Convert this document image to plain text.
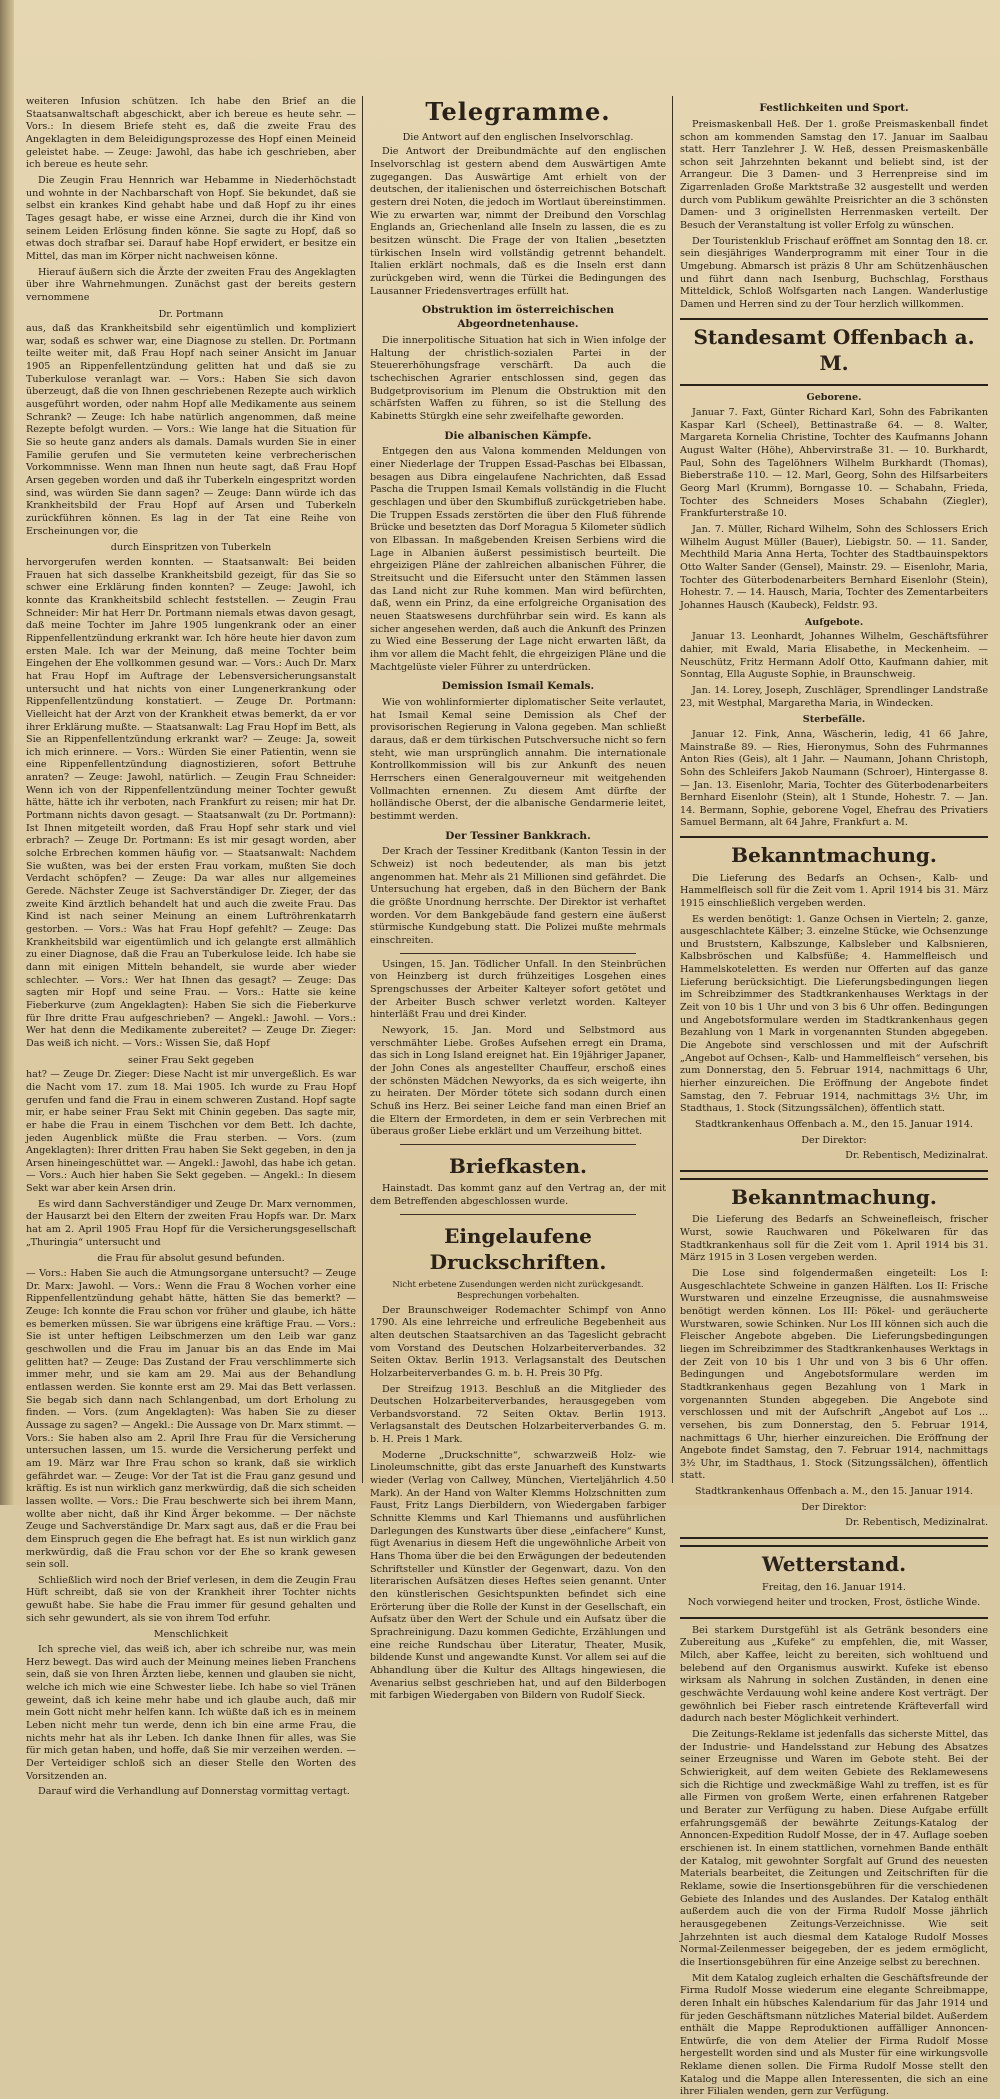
weiteren Infusion schützen. Ich habe den Brief an die Staatsanwaltschaft abgeschickt, aber ich bereue es heute sehr. — Vors.: In diesem Briefe steht es, daß die zweite Frau des Angeklagten in dem Beleidigungsprozesse des Hopf einen Meineid geleistet habe. — Zeuge: Jawohl, das habe ich geschrieben, aber ich bereue es heute sehr.

Die Zeugin Frau Hennrich war Hebamme in Niederhöchstadt und wohnte in der Nachbarschaft von Hopf. Sie bekundet, daß sie selbst ein krankes Kind gehabt habe und daß Hopf zu ihr eines Tages gesagt habe, er wisse eine Arznei, durch die ihr Kind von seinem Leiden Erlösung finden könne. Sie sagte zu Hopf, daß so etwas doch strafbar sei. Darauf habe Hopf erwidert, er besitze ein Mittel, das man im Körper nicht nachweisen könne.

Hierauf äußern sich die Ärzte der zweiten Frau des Angeklagten über ihre Wahrnehmungen. Zunächst gast der bereits gestern vernommene

Dr. Portmann

aus, daß das Krankheitsbild sehr eigentümlich und kompliziert war, sodaß es schwer war, eine Diagnose zu stellen. Dr. Portmann teilte weiter mit, daß Frau Hopf nach seiner Ansicht im Januar 1905 an Rippenfellentzündung gelitten hat und daß sie zu Tuberkulose veranlagt war. — Vors.: Haben Sie sich davon überzeugt, daß die von Ihnen geschriebenen Rezepte auch wirklich ausgeführt worden, oder nahm Hopf alle Medikamente aus seinem Schrank? — Zeuge: Ich habe natürlich angenommen, daß meine Rezepte befolgt wurden. — Vors.: Wie lange hat die Situation für Sie so heute ganz anders als damals. Damals wurden Sie in einer Familie gerufen und Sie vermuteten keine verbrecherischen Vorkommnisse. Wenn man Ihnen nun heute sagt, daß Frau Hopf Arsen gegeben worden und daß ihr Tuberkeln eingespritzt worden sind, was würden Sie dann sagen? — Zeuge: Dann würde ich das Krankheitsbild der Frau Hopf auf Arsen und Tuberkeln zurückführen können. Es lag in der Tat eine Reihe von Erscheinungen vor, die

durch Einspritzen von Tuberkeln

hervorgerufen werden konnten. — Staatsanwalt: Bei beiden Frauen hat sich dasselbe Krankheitsbild gezeigt, für das Sie so schwer eine Erklärung finden konnten? — Zeuge: Jawohl, ich konnte das Krankheitsbild schlecht feststellen. — Zeugin Frau Schneider: Mir hat Herr Dr. Portmann niemals etwas davon gesagt, daß meine Tochter im Jahre 1905 lungenkrank oder an einer Rippenfellentzündung erkrankt war. Ich höre heute hier davon zum ersten Male. Ich war der Meinung, daß meine Tochter beim Eingehen der Ehe vollkommen gesund war. — Vors.: Auch Dr. Marx hat Frau Hopf im Auftrage der Lebensversicherungsanstalt untersucht und hat nichts von einer Lungenerkrankung oder Rippenfellentzündung konstatiert. — Zeuge Dr. Portmann: Vielleicht hat der Arzt von der Krankheit etwas bemerkt, da er vor ihrer Erklärung mußte. — Staatsanwalt: Lag Frau Hopf im Bett, als Sie an Rippenfellentzündung erkrankt war? — Zeuge: Ja, soweit ich mich erinnere. — Vors.: Würden Sie einer Patientin, wenn sie eine Rippenfellentzündung diagnostizieren, sofort Bettruhe anraten? — Zeuge: Jawohl, natürlich. — Zeugin Frau Schneider: Wenn ich von der Rippenfellentzündung meiner Tochter gewußt hätte, hätte ich ihr verboten, nach Frankfurt zu reisen; mir hat Dr. Portmann nichts davon gesagt. — Staatsanwalt (zu Dr. Portmann): Ist Ihnen mitgeteilt worden, daß Frau Hopf sehr stark und viel erbrach? — Zeuge Dr. Portmann: Es ist mir gesagt worden, aber solche Erbrechen kommen häufig vor. — Staatsanwalt: Nachdem Sie wußten, was bei der ersten Frau vorkam, mußten Sie doch Verdacht schöpfen? — Zeuge: Da war alles nur allgemeines Gerede. Nächster Zeuge ist Sachverständiger Dr. Zieger, der das zweite Kind ärztlich behandelt hat und auch die zweite Frau. Das Kind ist nach seiner Meinung an einem Luftröhrenkatarrh gestorben. — Vors.: Was hat Frau Hopf gefehlt? — Zeuge: Das Krankheitsbild war eigentümlich und ich gelangte erst allmählich zu einer Diagnose, daß die Frau an Tuberkulose leide. Ich habe sie dann mit einigen Mitteln behandelt, sie wurde aber wieder schlechter. — Vors.: Wer hat Ihnen das gesagt? — Zeuge: Das sagten mir Hopf und seine Frau. — Vors.: Hatte sie keine Fieberkurve (zum Angeklagten): Haben Sie sich die Fieberkurve für Ihre dritte Frau aufgeschrieben? — Angekl.: Jawohl. — Vors.: Wer hat denn die Medikamente zubereitet? — Zeuge Dr. Zieger: Das weiß ich nicht. — Vors.: Wissen Sie, daß Hopf

seiner Frau Sekt gegeben

hat? — Zeuge Dr. Zieger: Diese Nacht ist mir unvergeßlich. Es war die Nacht vom 17. zum 18. Mai 1905. Ich wurde zu Frau Hopf gerufen und fand die Frau in einem schweren Zustand. Hopf sagte mir, er habe seiner Frau Sekt mit Chinin gegeben. Das sagte mir, er habe die Frau in einem Tischchen vor dem Bett. Ich dachte, jeden Augenblick müßte die Frau sterben. — Vors. (zum Angeklagten): Ihrer dritten Frau haben Sie Sekt gegeben, in den ja Arsen hineingeschüttet war. — Angekl.: Jawohl, das habe ich getan. — Vors.: Auch hier haben Sie Sekt gegeben. — Angekl.: In diesem Sekt war aber kein Arsen drin.

Es wird dann Sachverständiger und Zeuge Dr. Marx vernommen, der Hausarzt bei den Eltern der zweiten Frau Hopfs war. Dr. Marx hat am 2. April 1905 Frau Hopf für die Versicherungsgesellschaft „Thuringia“ untersucht und

die Frau für absolut gesund befunden.

— Vors.: Haben Sie auch die Atmungsorgane untersucht? — Zeuge Dr. Marx: Jawohl. — Vors.: Wenn die Frau 8 Wochen vorher eine Rippenfellentzündung gehabt hätte, hätten Sie das bemerkt? — Zeuge: Ich konnte die Frau schon vor früher und glaube, ich hätte es bemerken müssen. Sie war übrigens eine kräftige Frau. — Vors.: Sie ist unter heftigen Leibschmerzen um den Leib war ganz geschwollen und die Frau im Januar bis an das Ende im Mai gelitten hat? — Zeuge: Das Zustand der Frau verschlimmerte sich immer mehr, und sie kam am 29. Mai aus der Behandlung entlassen werden. Sie konnte erst am 29. Mai das Bett verlassen. Sie begab sich dann nach Schlangenbad, um dort Erholung zu finden. — Vors. (zum Angeklagten): Was haben Sie zu dieser Aussage zu sagen? — Angekl.: Die Aussage von Dr. Marx stimmt. — Vors.: Sie haben also am 2. April Ihre Frau für die Versicherung untersuchen lassen, um 15. wurde die Versicherung perfekt und am 19. März war Ihre Frau schon so krank, daß sie wirklich gefährdet war. — Zeuge: Vor der Tat ist die Frau ganz gesund und kräftig. Es ist nun wirklich ganz merkwürdig, daß die sich scheiden lassen wollte. — Vors.: Die Frau beschwerte sich bei ihrem Mann, wollte aber nicht, daß ihr Kind Ärger bekomme. — Der nächste Zeuge und Sachverständige Dr. Marx sagt aus, daß er die Frau bei dem Einspruch gegen die Ehe befragt hat. Es ist nun wirklich ganz merkwürdig, daß die Frau schon vor der Ehe so krank gewesen sein soll.

Schließlich wird noch der Brief verlesen, in dem die Zeugin Frau Hüft schreibt, daß sie von der Krankheit ihrer Tochter nichts gewußt habe. Sie habe die Frau immer für gesund gehalten und sich sehr gewundert, als sie von ihrem Tod erfuhr.

Menschlichkeit

Ich spreche viel, das weiß ich, aber ich schreibe nur, was mein Herz bewegt. Das wird auch der Meinung meines lieben Franchens sein, daß sie von Ihren Ärzten liebe, kennen und glauben sie nicht, welche ich mich wie eine Schwester liebe. Ich habe so viel Tränen geweint, daß ich keine mehr habe und ich glaube auch, daß mir mein Gott nicht mehr helfen kann. Ich wüßte daß ich es in meinem Leben nicht mehr tun werde, denn ich bin eine arme Frau, die nichts mehr hat als ihr Leben. Ich danke Ihnen für alles, was Sie für mich getan haben, und hoffe, daß Sie mir verzeihen werden. — Der Verteidiger schloß sich an dieser Stelle den Worten des Vorsitzenden an.

Darauf wird die Verhandlung auf Donnerstag vormittag vertagt.

Telegramme.
Die Antwort auf den englischen Inselvorschlag.

Die Antwort der Dreibundmächte auf den englischen Inselvorschlag ist gestern abend dem Auswärtigen Amte zugegangen. Das Auswärtige Amt erhielt von der deutschen, der italienischen und österreichischen Botschaft gestern drei Noten, die jedoch im Wortlaut übereinstimmen. Wie zu erwarten war, nimmt der Dreibund den Vorschlag Englands an, Griechenland alle Inseln zu lassen, die es zu besitzen wünscht. Die Frage der von Italien „besetzten türkischen Inseln wird vollständig getrennt behandelt. Italien erklärt nochmals, daß es die Inseln erst dann zurückgeben wird, wenn die Türkei die Bedingungen des Lausanner Friedensvertrages erfüllt hat.

Obstruktion im österreichischen Abgeordnetenhause.

Die innerpolitische Situation hat sich in Wien infolge der Haltung der christlich-sozialen Partei in der Steuererhöhungsfrage verschärft. Da auch die tschechischen Agrarier entschlossen sind, gegen das Budgetprovisorium im Plenum die Obstruktion mit den schärfsten Waffen zu führen, so ist die Stellung des Kabinetts Stürgkh eine sehr zweifelhafte geworden.

Die albanischen Kämpfe.

Entgegen den aus Valona kommenden Meldungen von einer Niederlage der Truppen Essad-Paschas bei Elbassan, besagen aus Dibra eingelaufene Nachrichten, daß Essad Pascha die Truppen Ismail Kemals vollständig in die Flucht geschlagen und über den Skumbifluß zurückgetrieben habe. Die Truppen Essads zerstörten die über den Fluß führende Brücke und besetzten das Dorf Moragua 5 Kilometer südlich von Elbassan. In maßgebenden Kreisen Serbiens wird die Lage in Albanien äußerst pessimistisch beurteilt. Die ehrgeizigen Pläne der zahlreichen albanischen Führer, die Streitsucht und die Eifersucht unter den Stämmen lassen das Land nicht zur Ruhe kommen. Man wird befürchten, daß, wenn ein Prinz, da eine erfolgreiche Organisation des neuen Staatswesens durchführbar sein wird. Es kann als sicher angesehen werden, daß auch die Ankunft des Prinzen zu Wied eine Besserung der Lage nicht erwarten läßt, da ihm vor allem die Macht fehlt, die ehrgeizigen Pläne und die Machtgelüste vieler Führer zu unterdrücken.

Demission Ismail Kemals.

Wie von wohlinformierter diplomatischer Seite verlautet, hat Ismail Kemal seine Demission als Chef der provisorischen Regierung in Valona gegeben. Man schließt daraus, daß er dem türkischen Putschversuche nicht so fern steht, wie man ursprünglich annahm. Die internationale Kontrollkommission will bis zur Ankunft des neuen Herrschers einen Generalgouverneur mit weitgehenden Vollmachten ernennen. Zu diesem Amt dürfte der holländische Oberst, der die albanische Gendarmerie leitet, bestimmt werden.

Der Tessiner Bankkrach.

Der Krach der Tessiner Kreditbank (Kanton Tessin in der Schweiz) ist noch bedeutender, als man bis jetzt angenommen hat. Mehr als 21 Millionen sind gefährdet. Die Untersuchung hat ergeben, daß in den Büchern der Bank die größte Unordnung herrschte. Der Direktor ist verhaftet worden. Vor dem Bankgebäude fand gestern eine äußerst stürmische Kundgebung statt. Die Polizei mußte mehrmals einschreiten.

Usingen, 15. Jan. Tödlicher Unfall. In den Steinbrüchen von Heinzberg ist durch frühzeitiges Losgehen eines Sprengschusses der Arbeiter Kalteyer sofort getötet und der Arbeiter Busch schwer verletzt worden. Kalteyer hinterläßt Frau und drei Kinder.

Newyork, 15. Jan. Mord und Selbstmord aus verschmähter Liebe. Großes Aufsehen erregt ein Drama, das sich in Long Island ereignet hat. Ein 19jähriger Japaner, der John Cones als angestellter Chauffeur, erschoß eines der schönsten Mädchen Newyorks, da es sich weigerte, ihn zu heiraten. Der Mörder tötete sich sodann durch einen Schuß ins Herz. Bei seiner Leiche fand man einen Brief an die Eltern der Ermordeten, in dem er sein Verbrechen mit überaus großer Liebe erklärt und um Verzeihung bittet.

Briefkasten.

Hainstadt. Das kommt ganz auf den Vertrag an, der mit dem Betreffenden abgeschlossen wurde.

Eingelaufene Druckschriften.

Nicht erbetene Zusendungen werden nicht zurückgesandt. Besprechungen vorbehalten.

Der Braunschweiger Rodemachter Schimpf von Anno 1790. Als eine lehrreiche und erfreuliche Begebenheit aus alten deutschen Staatsarchiven an das Tageslicht gebracht vom Vorstand des Deutschen Holzarbeiterverbandes. 32 Seiten Oktav. Berlin 1913. Verlagsanstalt des Deutschen Holzarbeiterverbandes G. m. b. H. Preis 30 Pfg.

Der Streifzug 1913. Beschluß an die Mitglieder des Deutschen Holzarbeiterverbandes, herausgegeben vom Verbandsvorstand. 72 Seiten Oktav. Berlin 1913. Verlagsanstalt des Deutschen Holzarbeiterverbandes G. m. b. H. Preis 1 Mark.

Moderne „Druckschnitte“, schwarzweiß Holz- wie Linoleumschnitte, gibt das erste Januarheft des Kunstwarts wieder (Verlag von Callwey, München, Vierteljährlich 4.50 Mark). An der Hand von Walter Klemms Holzschnitten zum Faust, Fritz Langs Dierbildern, von Wiedergaben farbiger Schnitte Klemms und Karl Thiemanns und ausführlichen Darlegungen des Kunstwarts über diese „einfachere“ Kunst, fügt Avenarius in diesem Heft die ungewöhnliche Arbeit von Hans Thoma über die bei den Erwägungen der bedeutenden Schriftsteller und Künstler der Gegenwart, dazu. Von den literarischen Aufsätzen dieses Heftes seien genannt. Unter den künstlerischen Gesichtspunkten befindet sich eine Erörterung über die Rolle der Kunst in der Gesellschaft, ein Aufsatz über den Wert der Schule und ein Aufsatz über die Sprachreinigung. Dazu kommen Gedichte, Erzählungen und eine reiche Rundschau über Literatur, Theater, Musik, bildende Kunst und angewandte Kunst. Vor allem sei auf die Abhandlung über die Kultur des Alltags hingewiesen, die Avenarius selbst geschrieben hat, und auf den Bilderbogen mit farbigen Wiedergaben von Bildern von Rudolf Sieck.

Festlichkeiten und Sport.

Preismaskenball Heß. Der 1. große Preismaskenball findet schon am kommenden Samstag den 17. Januar im Saalbau statt. Herr Tanzlehrer J. W. Heß, dessen Preismaskenbälle schon seit Jahrzehnten bekannt und beliebt sind, ist der Arrangeur. Die 3 Damen- und 3 Herrenpreise sind im Zigarrenladen Große Marktstraße 32 ausgestellt und werden durch vom Publikum gewählte Preisrichter an die 3 schönsten Damen- und 3 originellsten Herrenmasken verteilt. Der Besuch der Veranstaltung ist voller Erfolg zu wünschen.

Der Touristenklub Frischauf eröffnet am Sonntag den 18. cr. sein diesjähriges Wanderprogramm mit einer Tour in die Umgebung. Abmarsch ist präzis 8 Uhr am Schützenhäuschen und führt dann nach Isenburg, Buchschlag, Forsthaus Mitteldick, Schloß Wolfsgarten nach Langen. Wanderlustige Damen und Herren sind zu der Tour herzlich willkommen.

Standesamt Offenbach a. M.
Geborene.

Januar 7. Faxt, Günter Richard Karl, Sohn des Fabrikanten Kaspar Karl (Scheel), Bettinastraße 64. — 8. Walter, Margareta Kornelia Christine, Tochter des Kaufmanns Johann August Walter (Höhe), Ahbervirstraße 31. — 10. Burkhardt, Paul, Sohn des Tagelöhners Wilhelm Burkhardt (Thomas), Bieberstraße 110. — 12. Marl, Georg, Sohn des Hilfsarbeiters Georg Marl (Krumm), Borngasse 10. — Schabahn, Frieda, Tochter des Schneiders Moses Schabahn (Ziegler), Frankfurterstraße 10.

Jan. 7. Müller, Richard Wilhelm, Sohn des Schlossers Erich Wilhelm August Müller (Bauer), Liebigstr. 50. — 11. Sander, Mechthild Maria Anna Herta, Tochter des Stadtbauinspektors Otto Walter Sander (Gensel), Mainstr. 29. — Eisenlohr, Maria, Tochter des Güterbodenarbeiters Bernhard Eisenlohr (Stein), Hohestr. 7. — 14. Hausch, Maria, Tochter des Zementarbeiters Johannes Hausch (Kaubeck), Feldstr. 93.

Aufgebote.

Januar 13. Leonhardt, Johannes Wilhelm, Geschäftsführer dahier, mit Ewald, Maria Elisabethe, in Meckenheim. — Neuschütz, Fritz Hermann Adolf Otto, Kaufmann dahier, mit Sonntag, Ella Auguste Sophie, in Braunschweig.

Jan. 14. Lorey, Joseph, Zuschläger, Sprendlinger Landstraße 23, mit Westphal, Margaretha Maria, in Windecken.

Sterbefälle.

Januar 12. Fink, Anna, Wäscherin, ledig, 41 66 Jahre, Mainstraße 89. — Ries, Hieronymus, Sohn des Fuhrmannes Anton Ries (Geis), alt 1 Jahr. — Naumann, Johann Christoph, Sohn des Schleifers Jakob Naumann (Schroer), Hintergasse 8. — Jan. 13. Eisenlohr, Maria, Tochter des Güterbodenarbeiters Bernhard Eisenlohr (Stein), alt 1 Stunde, Hohestr. 7. — Jan. 14. Bermann, Sophie, geborene Vogel, Ehefrau des Privatiers Samuel Bermann, alt 64 Jahre, Frankfurt a. M.

Bekanntmachung.

Die Lieferung des Bedarfs an Ochsen-, Kalb- und Hammelfleisch soll für die Zeit vom 1. April 1914 bis 31. März 1915 einschließlich vergeben werden.

Es werden benötigt: 1. Ganze Ochsen in Vierteln; 2. ganze, ausgeschlachtete Kälber; 3. einzelne Stücke, wie Ochsenzunge und Bruststern, Kalbszunge, Kalbsleber und Kalbsnieren, Kalbsbröschen und Kalbsfüße; 4. Hammelfleisch und Hammelskoteletten. Es werden nur Offerten auf das ganze Lieferung berücksichtigt. Die Lieferungsbedingungen liegen im Schreibzimmer des Stadtkrankenhauses Werktags in der Zeit von 10 bis 1 Uhr und von 3 bis 6 Uhr offen. Bedingungen und Angebotsformulare werden im Stadtkrankenhaus gegen Bezahlung von 1 Mark in vorgenannten Stunden abgegeben. Die Angebote sind verschlossen und mit der Aufschrift „Angebot auf Ochsen-, Kalb- und Hammelfleisch“ versehen, bis zum Donnerstag, den 5. Februar 1914, nachmittags 6 Uhr, hierher einzureichen. Die Eröffnung der Angebote findet Samstag, den 7. Februar 1914, nachmittags 3½ Uhr, im Stadthaus, 1. Stock (Sitzungssälchen), öffentlich statt.

Stadtkrankenhaus Offenbach a. M., den 15. Januar 1914.

Der Direktor:

Dr. Rebentisch, Medizinalrat.

Bekanntmachung.

Die Lieferung des Bedarfs an Schweinefleisch, frischer Wurst, sowie Rauchwaren und Pökelwaren für das Stadtkrankenhaus soll für die Zeit vom 1. April 1914 bis 31. März 1915 in 3 Losen vergeben werden.

Die Lose sind folgendermaßen eingeteilt: Los I: Ausgeschlachtete Schweine in ganzen Hälften. Los II: Frische Wurstwaren und einzelne Erzeugnisse, die ausnahmsweise benötigt werden können. Los III: Pökel- und geräucherte Wurstwaren, sowie Schinken. Nur Los III können sich auch die Fleischer Angebote abgeben. Die Lieferungsbedingungen liegen im Schreibzimmer des Stadtkrankenhauses Werktags in der Zeit von 10 bis 1 Uhr und von 3 bis 6 Uhr offen. Bedingungen und Angebotsformulare werden im Stadtkrankenhaus gegen Bezahlung von 1 Mark in vorgenannten Stunden abgegeben. Die Angebote sind verschlossen und mit der Aufschrift „Angebot auf Los ... versehen, bis zum Donnerstag, den 5. Februar 1914, nachmittags 6 Uhr, hierher einzureichen. Die Eröffnung der Angebote findet Samstag, den 7. Februar 1914, nachmittags 3½ Uhr, im Stadthaus, 1. Stock (Sitzungssälchen), öffentlich statt.

Stadtkrankenhaus Offenbach a. M., den 15. Januar 1914.

Der Direktor:

Dr. Rebentisch, Medizinalrat.

Wetterstand.

Freitag, den 16. Januar 1914.

Noch vorwiegend heiter und trocken, Frost, östliche Winde.

Bei starkem Durstgefühl ist als Getränk besonders eine Zubereitung aus „Kufeke“ zu empfehlen, die, mit Wasser, Milch, aber Kaffee, leicht zu bereiten, sich wohltuend und belebend auf den Organismus auswirkt. Kufeke ist ebenso wirksam als Nahrung in solchen Zuständen, in denen eine geschwächte Verdauung wohl keine andere Kost verträgt. Der gewöhnlich bei Fieber rasch eintretende Kräfteverfall wird dadurch nach bester Möglichkeit verhindert.

Die Zeitungs-Reklame ist jedenfalls das sicherste Mittel, das der Industrie- und Handelsstand zur Hebung des Absatzes seiner Erzeugnisse und Waren im Gebote steht. Bei der Schwierigkeit, auf dem weiten Gebiete des Reklamewesens sich die Richtige und zweckmäßige Wahl zu treffen, ist es für alle Firmen von großem Werte, einen erfahrenen Ratgeber und Berater zur Verfügung zu haben. Diese Aufgabe erfüllt erfahrungsgemäß der bewährte Zeitungs-Katalog der Annoncen-Expedition Rudolf Mosse, der in 47. Auflage soeben erschienen ist. In einem stattlichen, vornehmen Bande enthält der Katalog, mit gewohnter Sorgfalt auf Grund des neuesten Materials bearbeitet, die Zeitungen und Zeitschriften für die Reklame, sowie die Insertionsgebühren für die verschiedenen Gebiete des Inlandes und des Auslandes. Der Katalog enthält außerdem auch die von der Firma Rudolf Mosse jährlich herausgegebenen Zeitungs-Verzeichnisse. Wie seit Jahrzehnten ist auch diesmal dem Kataloge Rudolf Mosses Normal-Zeilenmesser beigegeben, der es jedem ermöglicht, die Insertionsgebühren für eine Anzeige selbst zu berechnen.

Mit dem Katalog zugleich erhalten die Geschäftsfreunde der Firma Rudolf Mosse wiederum eine elegante Schreibmappe, deren Inhalt ein hübsches Kalendarium für das Jahr 1914 und für jeden Geschäftsmann nützliches Material bildet. Außerdem enthält die Mappe Reproduktionen auffälliger Annoncen-Entwürfe, die von dem Atelier der Firma Rudolf Mosse hergestellt worden sind und als Muster für eine wirkungsvolle Reklame dienen sollen. Die Firma Rudolf Mosse stellt den Katalog und die Mappe allen Interessenten, die sich an eine ihrer Filialen wenden, gern zur Verfügung.
